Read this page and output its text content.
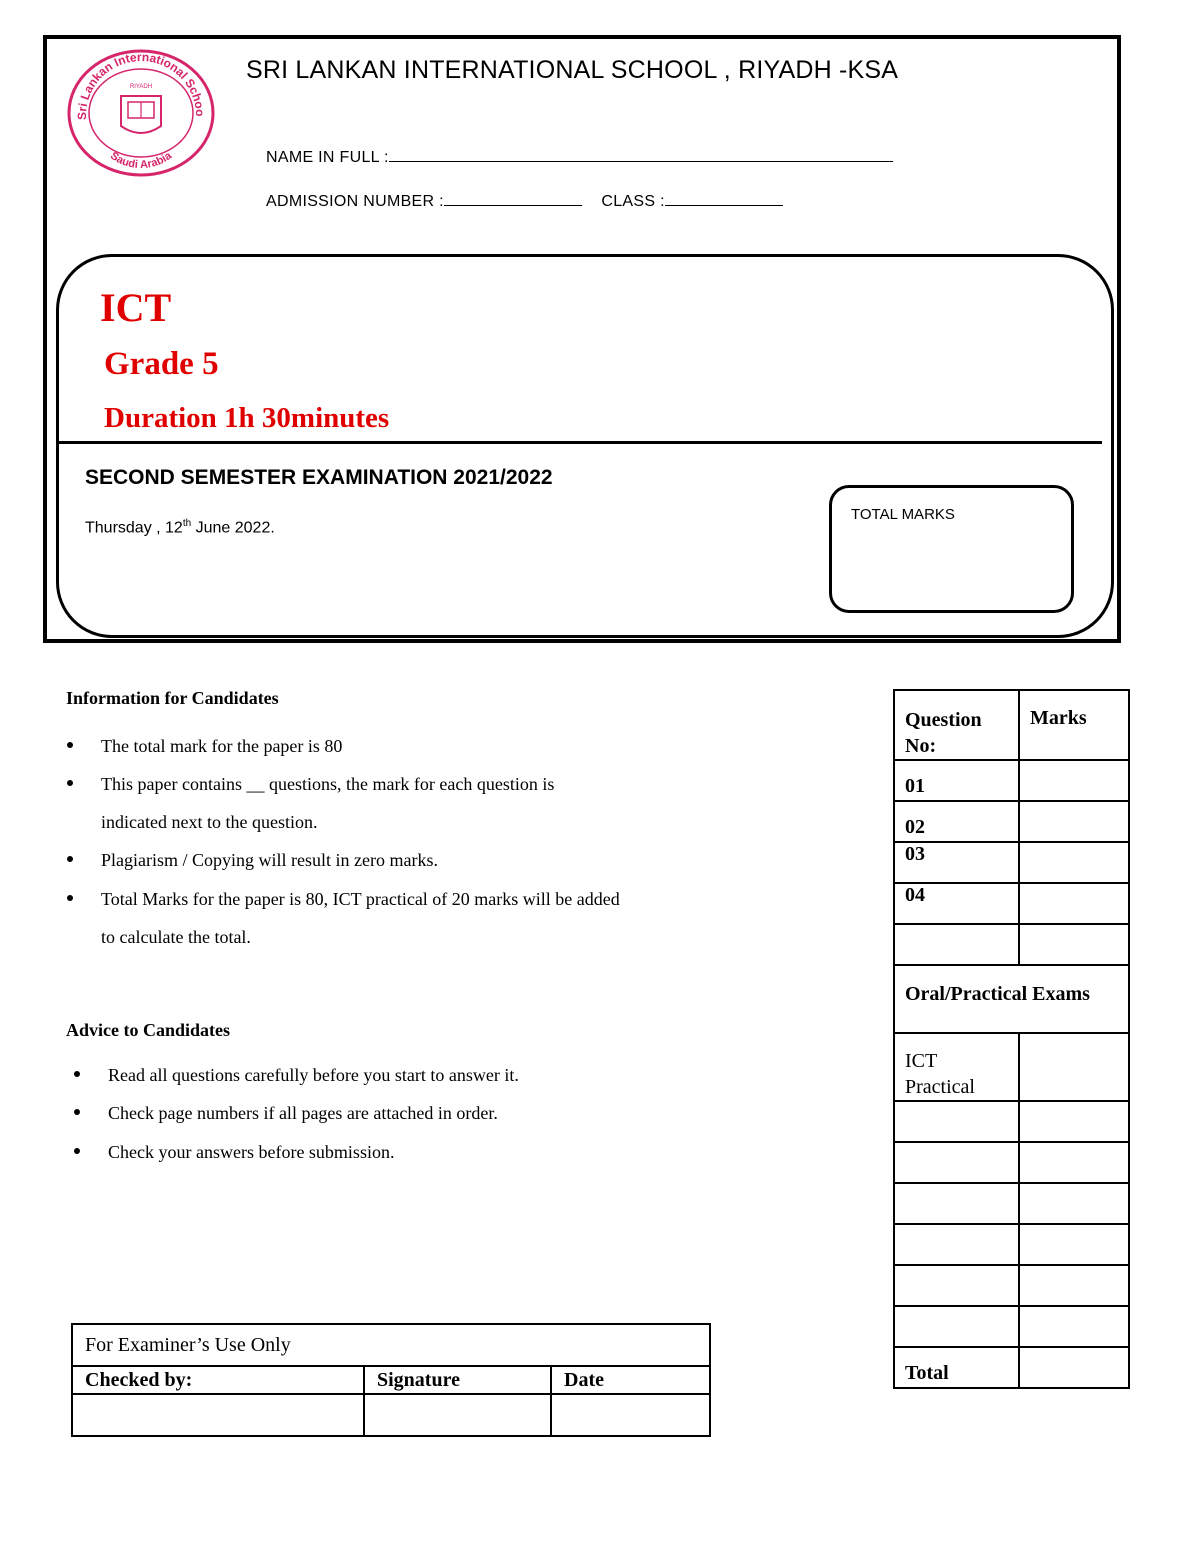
Sri Lankan International Schoo
Saudi Arabia
RIYADH
SRI LANKAN INTERNATIONAL SCHOOL , RIYADH -KSA
NAME IN FULL :
ADMISSION NUMBER :	CLASS :
ICT
Grade 5
Duration 1h 30minutes
SECOND SEMESTER EXAMINATION 2021/2022
Thursday , 12th June 2022.
TOTAL MARKS
Information for Candidates
The total mark for the paper is 80
This paper contains __ questions, the mark for each question is
indicated next to the question.
Plagiarism / Copying will result in zero marks.
Total Marks for the paper is 80, ICT practical of 20 marks will be added
to calculate the total.
Advice to Candidates
Read all questions carefully before you start to answer it.
Check page numbers if all pages are attached in order.
Check your answers before submission.
For Examiner’s Use Only		
Checked by:	Signature	Date

Question No:	Marks
01	
02	
03	
04	

Oral/Practical Exams	
ICT Practical	

Total	
